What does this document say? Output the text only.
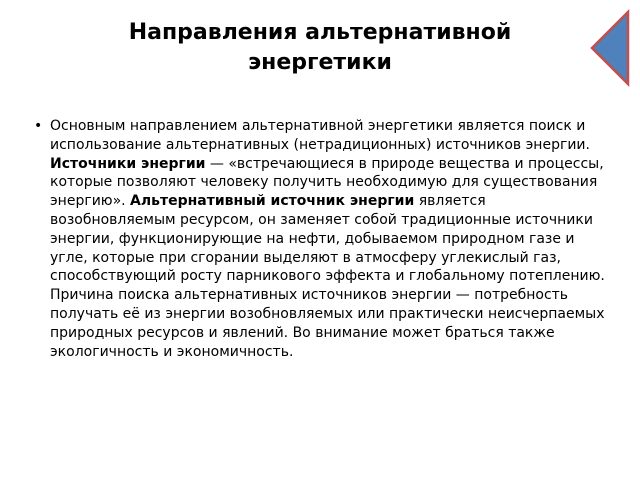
Направления альтернативной
энергетики
• Основным направлением альтернативной энергетики является поиск и использование альтернативных (нетрадиционных) источников энергии. Источники энергии — «встречающиеся в природе вещества и процессы, которые позволяют человеку получить необходимую для существования энергию». Альтернативный источник энергии является возобновляемым ресурсом, он заменяет собой традиционные источники энергии, функционирующие на нефти, добываемом природном газе и угле, которые при сгорании выделяют в атмосферу углекислый газ, способствующий росту парникового эффекта и глобальному потеплению. Причина поиска альтернативных источников энергии — потребность получать её из энергии возобновляемых или практически неисчерпаемых природных ресурсов и явлений. Во внимание может браться также экологичность и экономичность.
